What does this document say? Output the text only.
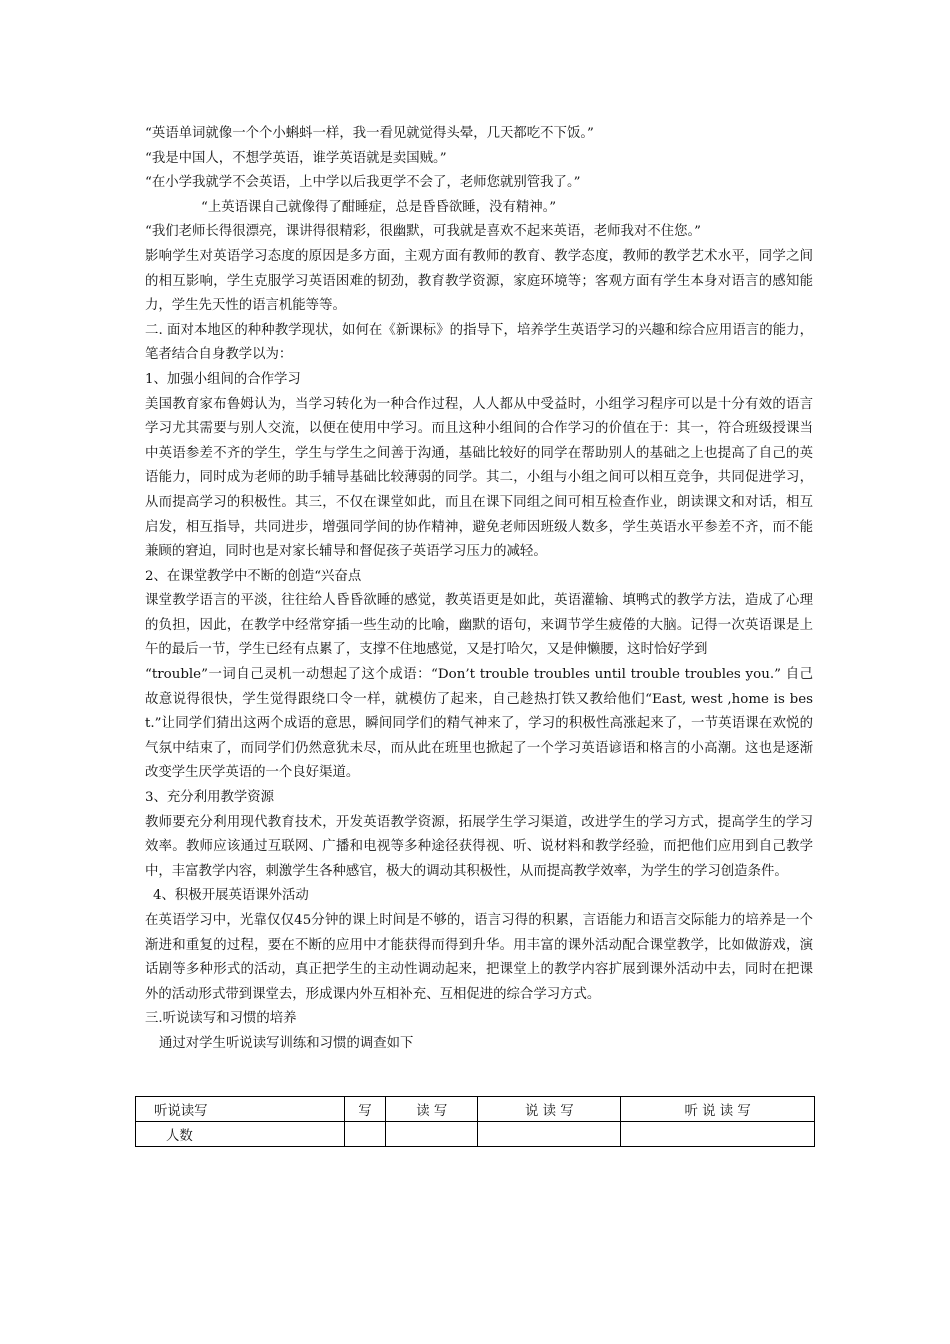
“英语单词就像一个个小蝌蚪一样，我一看见就觉得头晕，几天都吃不下饭。”

“我是中国人，不想学英语，谁学英语就是卖国贼。”

“在小学我就学不会英语，上中学以后我更学不会了，老师您就别管我了。”

“上英语课自己就像得了酣睡症，总是昏昏欲睡，没有精神。”

“我们老师长得很漂亮，课讲得很精彩，很幽默，可我就是喜欢不起来英语，老师我对不住您。”

影响学生对英语学习态度的原因是多方面，主观方面有教师的教育、教学态度，教师的教学艺术水平，同学之间的相互影响，学生克服学习英语困难的韧劲，教育教学资源，家庭环境等；客观方面有学生本身对语言的感知能力，学生先天性的语言机能等等。

二. 面对本地区的种种教学现状，如何在《新课标》的指导下，培养学生英语学习的兴趣和综合应用语言的能力，笔者结合自身教学以为：

1、加强小组间的合作学习

美国教育家布鲁姆认为，当学习转化为一种合作过程，人人都从中受益时，小组学习程序可以是十分有效的语言学习尤其需要与别人交流，以便在使用中学习。而且这种小组间的合作学习的价值在于：其一，符合班级授课当中英语参差不齐的学生，学生与学生之间善于沟通，基础比较好的同学在帮助别人的基础之上也提高了自己的英语能力，同时成为老师的助手辅导基础比较薄弱的同学。其二，小组与小组之间可以相互竞争，共同促进学习，从而提高学习的积极性。其三，不仅在课堂如此，而且在课下同组之间可相互检查作业，朗读课文和对话，相互启发，相互指导，共同进步，增强同学间的协作精神，避免老师因班级人数多，学生英语水平参差不齐，而不能兼顾的窘迫，同时也是对家长辅导和督促孩子英语学习压力的减轻。

2、在课堂教学中不断的创造“兴奋点

课堂教学语言的平淡，往往给人昏昏欲睡的感觉，教英语更是如此，英语灌输、填鸭式的教学方法，造成了心理的负担，因此，在教学中经常穿插一些生动的比喻，幽默的语句，来调节学生疲倦的大脑。记得一次英语课是上午的最后一节，学生已经有点累了，支撑不住地感觉，又是打哈欠，又是伸懒腰，这时恰好学到

“trouble”一词自己灵机一动想起了这个成语：“Don’t trouble troubles until trouble troubles you.” 自己故意说得很快，学生觉得跟绕口令一样，就模仿了起来，自己趁热打铁又教给他们“East, west ,home is best.”让同学们猜出这两个成语的意思，瞬间同学们的精气神来了，学习的积极性高涨起来了，一节英语课在欢悦的气氛中结束了，而同学们仍然意犹未尽，而从此在班里也掀起了一个学习英语谚语和格言的小高潮。这也是逐渐改变学生厌学英语的一个良好渠道。

3、充分利用教学资源

教师要充分利用现代教育技术，开发英语教学资源，拓展学生学习渠道，改进学生的学习方式，提高学生的学习效率。教师应该通过互联网、广播和电视等多种途径获得视、听、说材料和教学经验，而把他们应用到自己教学中，丰富教学内容，刺激学生各种感官，极大的调动其积极性，从而提高教学效率，为学生的学习创造条件。

4、积极开展英语课外活动

在英语学习中，光靠仅仅45分钟的课上时间是不够的，语言习得的积累，言语能力和语言交际能力的培养是一个渐进和重复的过程，要在不断的应用中才能获得而得到升华。用丰富的课外活动配合课堂教学，比如做游戏，演话剧等多种形式的活动，真正把学生的主动性调动起来，把课堂上的教学内容扩展到课外活动中去，同时在把课外的活动形式带到课堂去，形成课内外互相补充、互相促进的综合学习方式。

三.听说读写和习惯的培养

通过对学生听说读写训练和习惯的调查如下

听说读写	写	读 写	说 读 写	听 说 读 写
人数				
